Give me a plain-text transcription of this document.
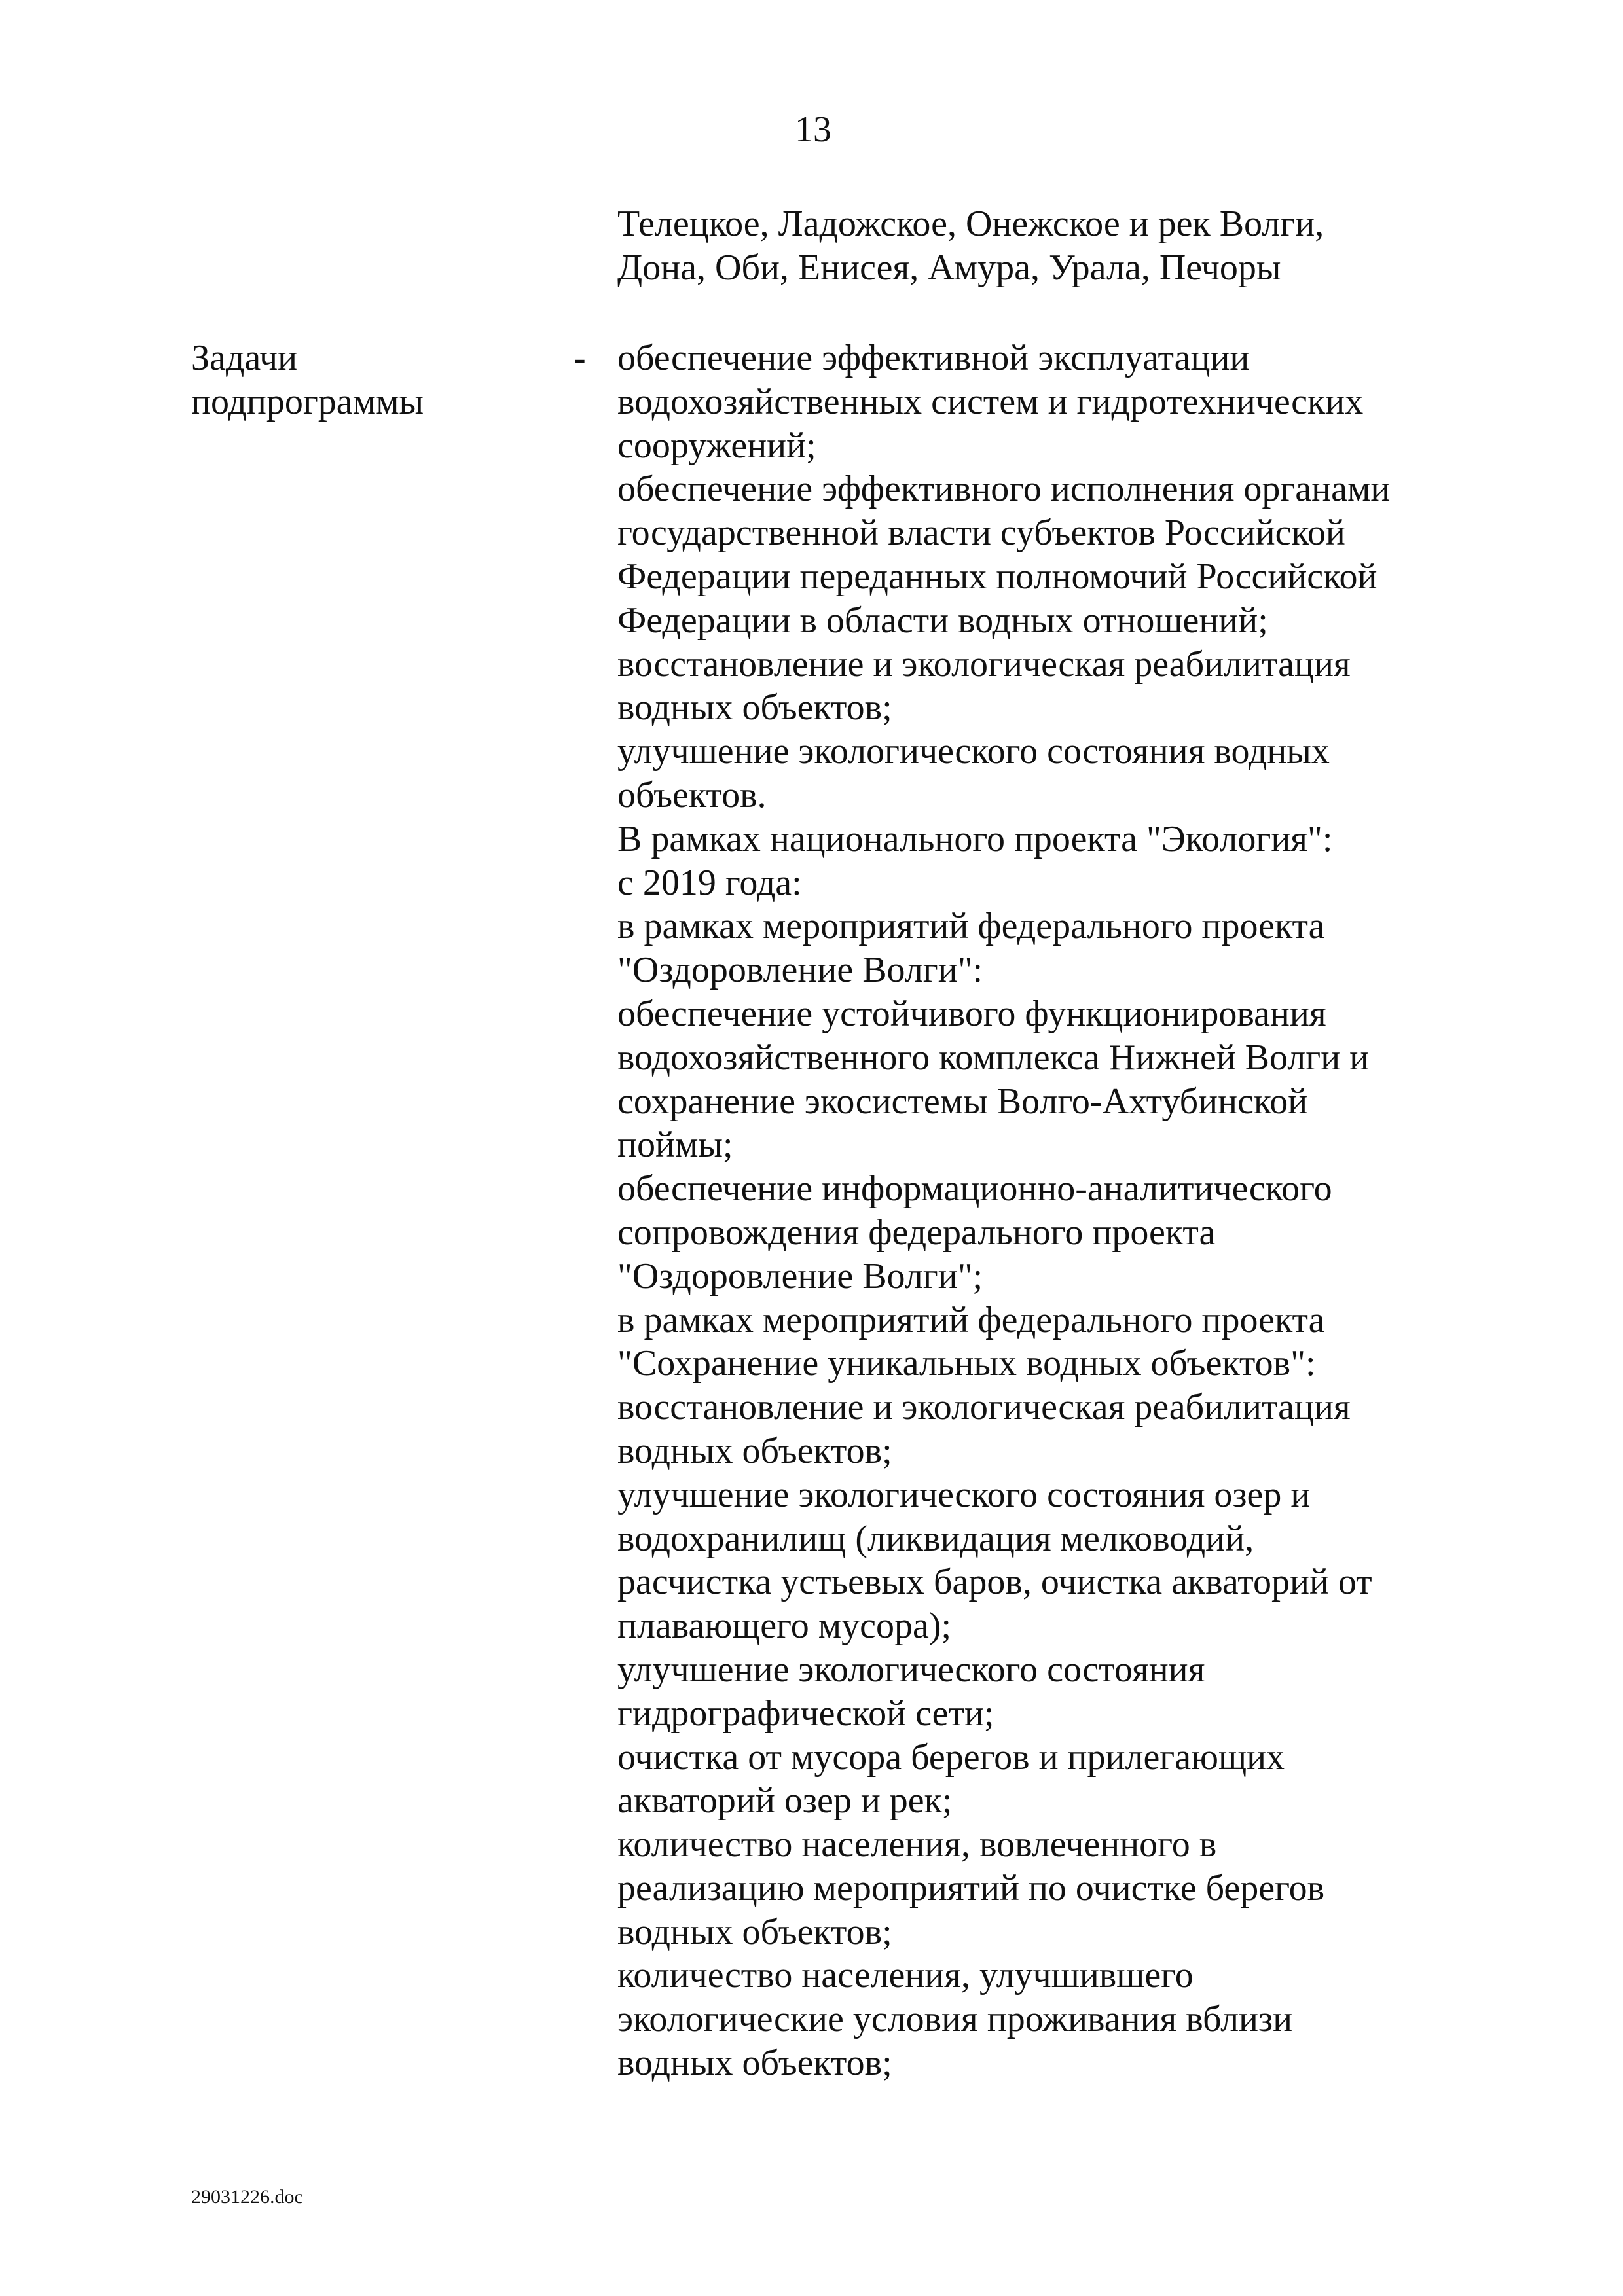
13
Телецкое, Ладожское, Онежское и рек Волги,
Дона, Оби, Енисея, Амура, Урала, Печоры
Задачи
подпрограммы
- обеспечение эффективной эксплуатации
водохозяйственных систем и гидротехнических
сооружений;
обеспечение эффективного исполнения органами
государственной власти субъектов Российской
Федерации переданных полномочий Российской
Федерации в области водных отношений;
восстановление и экологическая реабилитация
водных объектов;
улучшение экологического состояния водных
объектов.
В рамках национального проекта "Экология":
с 2019 года:
в рамках мероприятий федерального проекта
"Оздоровление Волги":
обеспечение устойчивого функционирования
водохозяйственного комплекса Нижней Волги и
сохранение экосистемы Волго-Ахтубинской
поймы;
обеспечение информационно-аналитического
сопровождения федерального проекта
"Оздоровление Волги";
в рамках мероприятий федерального проекта
"Сохранение уникальных водных объектов":
восстановление и экологическая реабилитация
водных объектов;
улучшение экологического состояния озер и
водохранилищ (ликвидация мелководий,
расчистка устьевых баров, очистка акваторий от
плавающего мусора);
улучшение экологического состояния
гидрографической сети;
очистка от мусора берегов и прилегающих
акваторий озер и рек;
количество населения, вовлеченного в
реализацию мероприятий по очистке берегов
водных объектов;
количество населения, улучшившего
экологические условия проживания вблизи
водных объектов;
29031226.doc
